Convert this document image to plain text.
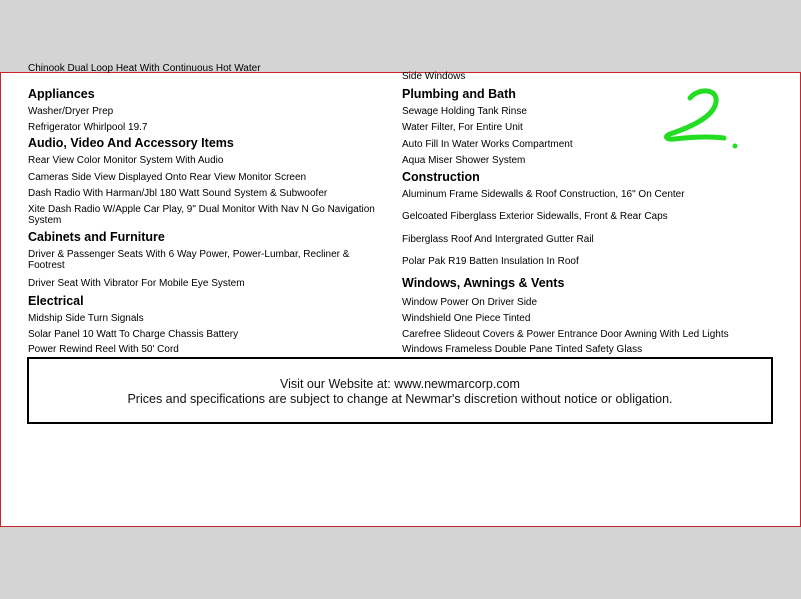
Chinook Dual Loop Heat With Continuous Hot Water
Appliances
Washer/Dryer Prep
Refrigerator Whirlpool 19.7
Audio, Video And Accessory Items
Rear View Color Monitor System With Audio
Cameras Side View Displayed Onto Rear View Monitor Screen
Dash Radio With Harman/Jbl 180 Watt Sound System & Subwoofer
Xite Dash Radio W/Apple Car Play, 9" Dual Monitor With Nav N Go Navigation System
Cabinets and Furniture
Driver & Passenger Seats With 6 Way Power, Power-Lumbar, Recliner & Footrest
Driver Seat With Vibrator For Mobile Eye System
Electrical
Midship Side Turn Signals
Solar Panel 10 Watt To Charge Chassis Battery
Power Rewind Reel With 50' Cord
Side Windows
Plumbing and Bath
Sewage Holding Tank Rinse
Water Filter, For Entire Unit
Auto Fill In Water Works Compartment
Aqua Miser Shower System
Construction
Aluminum Frame Sidewalls & Roof Construction, 16" On Center
Gelcoated Fiberglass Exterior Sidewalls, Front & Rear Caps
Fiberglass Roof And Intergrated Gutter Rail
Polar Pak R19 Batten Insulation In Roof
Windows, Awnings & Vents
Window Power On Driver Side
Windshield One Piece Tinted
Carefree Slideout Covers & Power Entrance Door Awning With Led Lights
Windows Frameless Double Pane Tinted Safety Glass
Visit our Website at: www.newmarcorp.com
Prices and specifications are subject to change at Newmar's discretion without notice or obligation.
